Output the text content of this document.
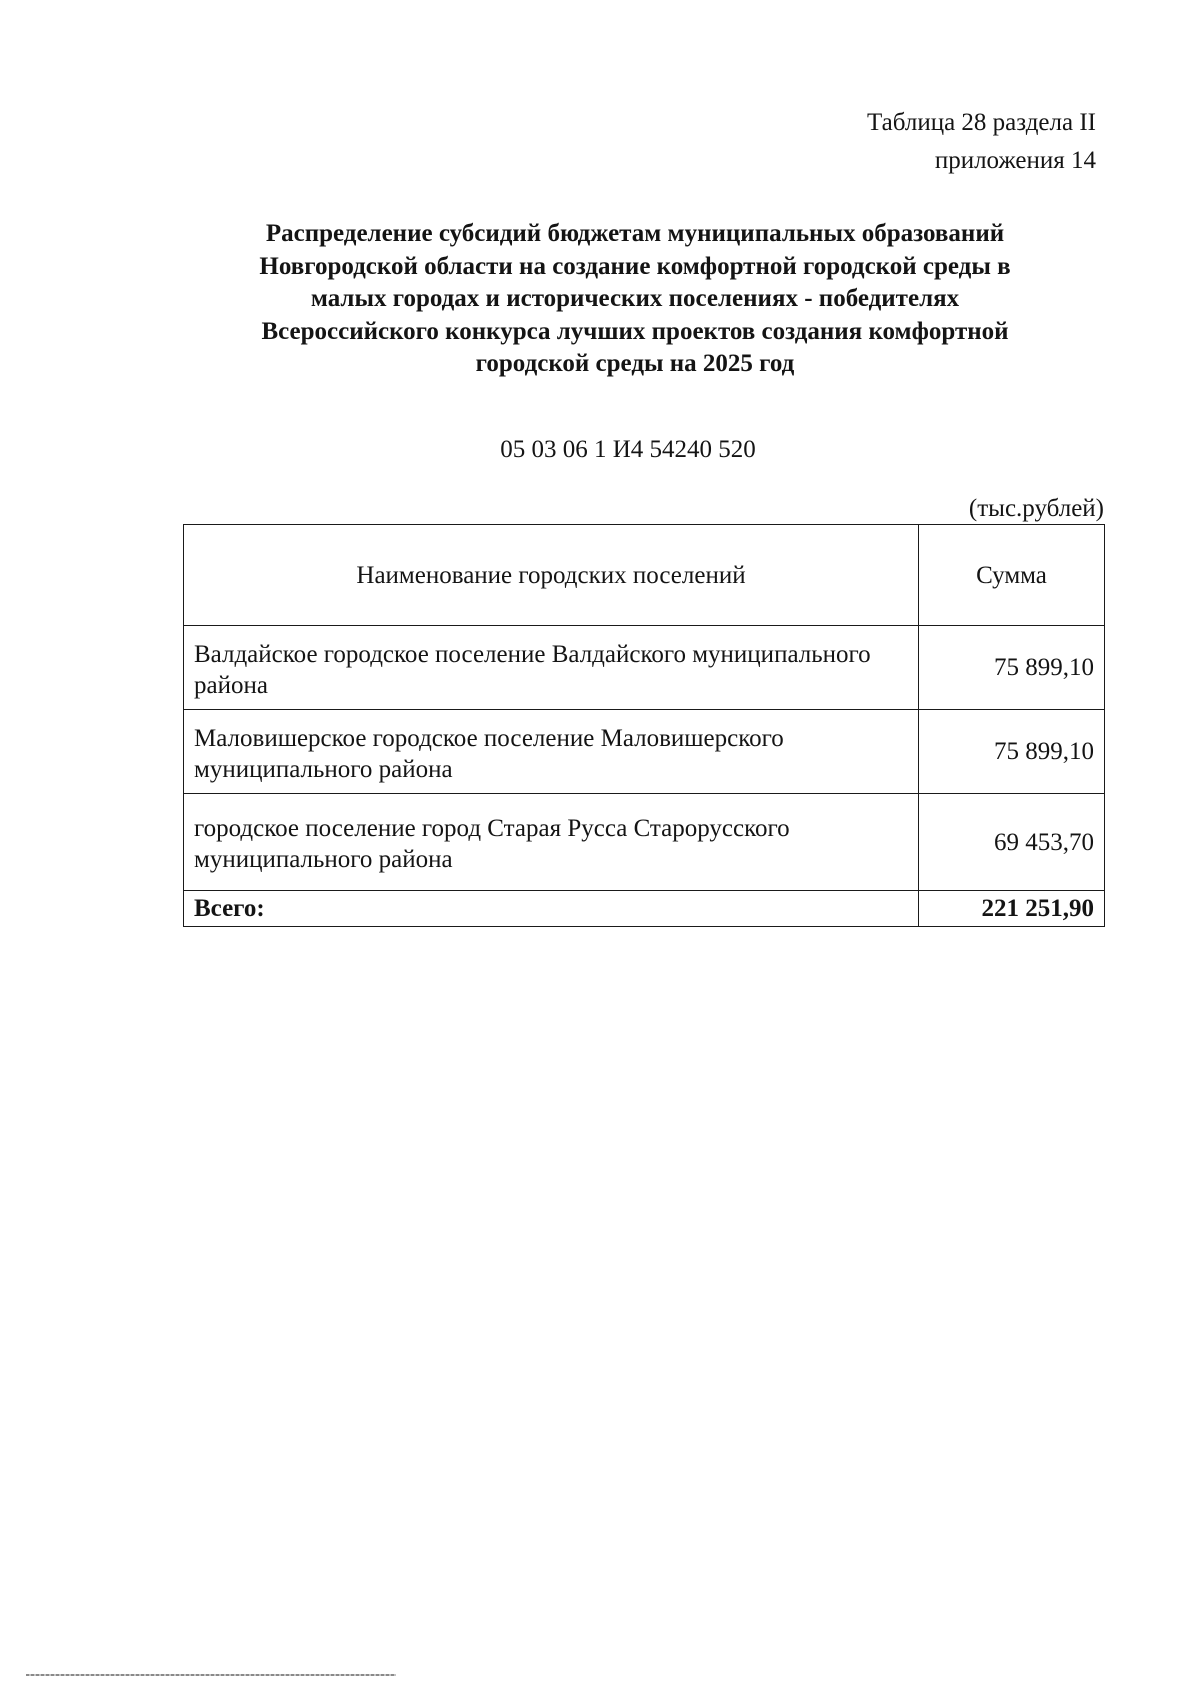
Таблица 28 раздела II
приложения 14
Распределение субсидий бюджетам муниципальных образований
Новгородской области на создание комфортной городской среды в
малых городах и исторических поселениях - победителях
Всероссийского конкурса лучших проектов создания комфортной
городской среды на 2025 год
05 03 06 1 И4 54240 520
(тыс.рублей)
Наименование городских поселений	Сумма
Валдайское городское поселение Валдайского муниципального района	75 899,10
Маловишерское городское поселение Маловишерского муниципального района	75 899,10
городское поселение город Старая Русса Старорусского муниципального района	69 453,70
Всего:	221 251,90
